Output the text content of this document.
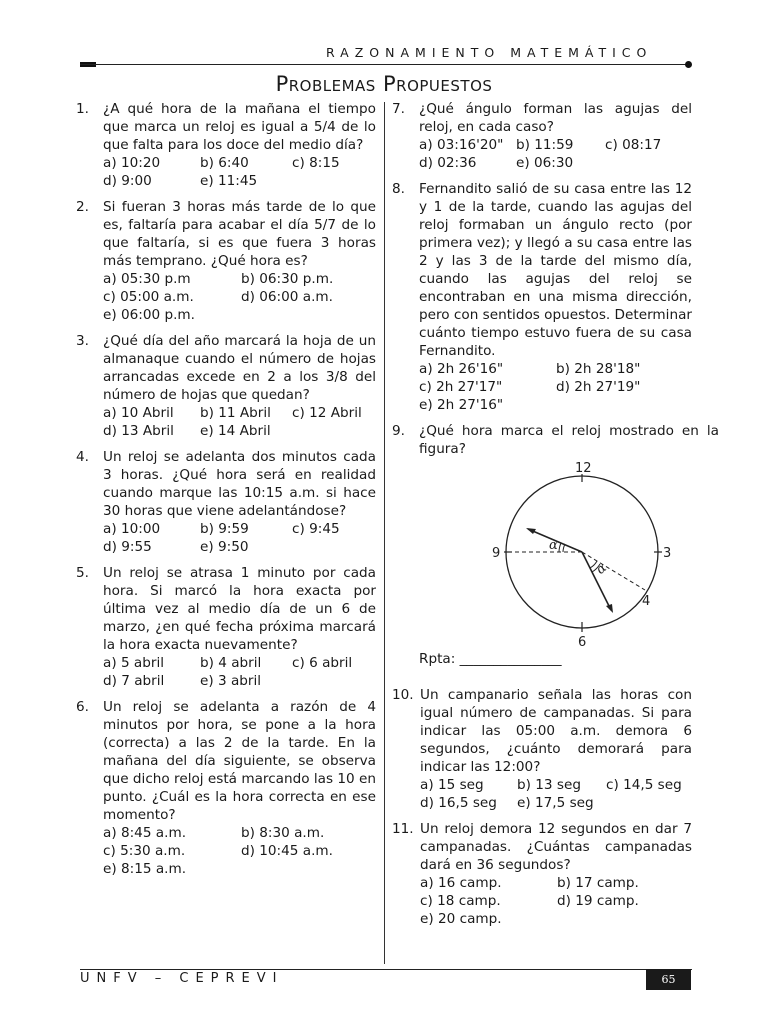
RAZONAMIENTO MATEMÁTICO
Problemas Propuestos
1.	¿A qué hora de la mañana el tiempo que marca un reloj es igual a 5/4 de lo que falta para los doce del medio día?
a) 10:20	b) 6:40	c) 8:15
d) 9:00	e) 11:45
2.	Si fueran 3 horas más tarde de lo que es, faltaría para acabar el día 5/7 de lo que faltaría, si es que fuera 3 horas más temprano. ¿Qué hora es?
a) 05:30 p.m	b) 06:30 p.m.
c) 05:00 a.m.	d) 06:00 a.m.
e) 06:00 p.m.
3.	¿Qué día del año marcará la hoja de un almanaque cuando el número de hojas arrancadas excede en 2 a los 3/8 del número de hojas que quedan?
a) 10 Abril	b) 11 Abril	c) 12 Abril
d) 13 Abril	e) 14 Abril
4.	Un reloj se adelanta dos minutos cada 3 horas. ¿Qué hora será en realidad cuando marque las 10:15 a.m. si hace 30 horas que viene adelantándose?
a) 10:00	b) 9:59	c) 9:45
d) 9:55	e) 9:50
5.	Un reloj se atrasa 1 minuto por cada hora. Si marcó la hora exacta por última vez al medio día de un 6 de marzo, ¿en qué fecha próxima marcará la hora exacta nuevamente?
a) 5 abril	b) 4 abril	c) 6 abril
d) 7 abril	e) 3 abril
6.	Un reloj se adelanta a razón de 4 minutos por hora, se pone a la hora (correcta) a las 2 de la tarde. En la mañana del día siguiente, se observa que dicho reloj está marcando las 10 en punto. ¿Cuál es la hora correcta en ese momento?
a) 8:45 a.m.	b) 8:30 a.m.
c) 5:30 a.m.	d) 10:45 a.m.
e) 8:15 a.m.
7.	¿Qué ángulo forman las agujas del reloj, en cada caso?
a) 03:16'20" b) 11:59	c) 08:17
d) 02:36	e) 06:30
8.	Fernandito salió de su casa entre las 12 y 1 de la tarde, cuando las agujas del reloj formaban un ángulo recto (por primera vez); y llegó a su casa entre las 2 y las 3 de la tarde del mismo día, cuando las agujas del reloj se encontraban en una misma dirección, pero con sentidos opuestos. Determinar cuánto tiempo estuvo fuera de su casa Fernandito.
a) 2h 26'16"	b) 2h 28'18"
c) 2h 27'17"	d) 2h 27'19"
e) 2h 27'16"
9.	¿Qué hora marca el reloj mostrado en la figura?
α
α
12
3
9
6
4
Rpta: _______________
10. Un campanario señala las horas con igual número de campanadas. Si para indicar las 05:00 a.m. demora 6 segundos, ¿cuánto demorará para indicar las 12:00?
a) 15 seg	b) 13 seg	c) 14,5 seg
d) 16,5 seg	e) 17,5 seg
11. Un reloj demora 12 segundos en dar 7 campanadas. ¿Cuántas campanadas dará en 36 segundos?
a) 16 camp.	b) 17 camp.
c) 18 camp.	d) 19 camp.
e) 20 camp.
UNFV – CEPREVI	65
